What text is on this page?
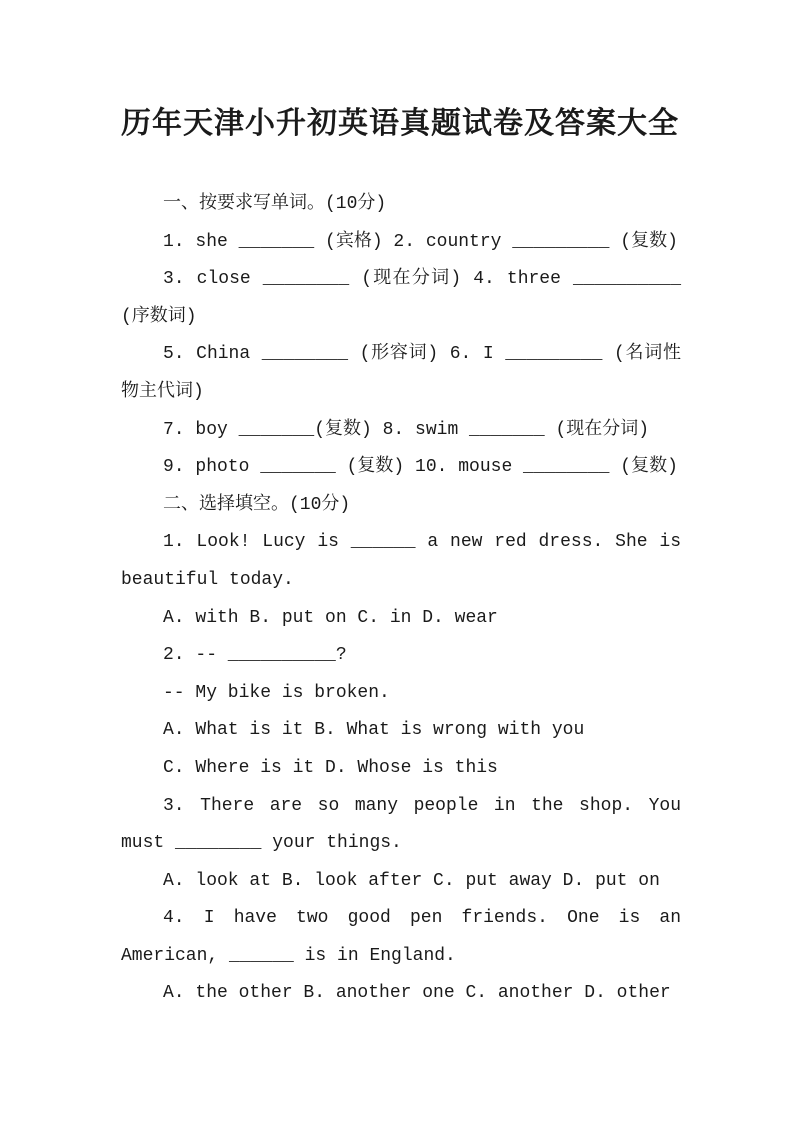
历年天津小升初英语真题试卷及答案大全

一、按要求写单词。(10分)

1. she _______ (宾格) 2. country _________ (复数)

3. close ________ (现在分词) 4. three __________ (序数词)

5. China ________ (形容词) 6. I _________ (名词性物主代词)

7. boy _______(复数) 8. swim _______ (现在分词)

9. photo _______ (复数) 10. mouse ________ (复数)

二、选择填空。(10分)

1. Look! Lucy is ______ a new red dress. She is beautiful today.

A. with B. put on C. in D. wear

2. -- __________?

-- My bike is broken.

A. What is it B. What is wrong with you

C. Where is it D. Whose is this

3. There are so many people in the shop. You must ________ your things.

A. look at B. look after C. put away D. put on

4. I have two good pen friends. One is an American, ______ is in England.

A. the other B. another one C. another D. other
